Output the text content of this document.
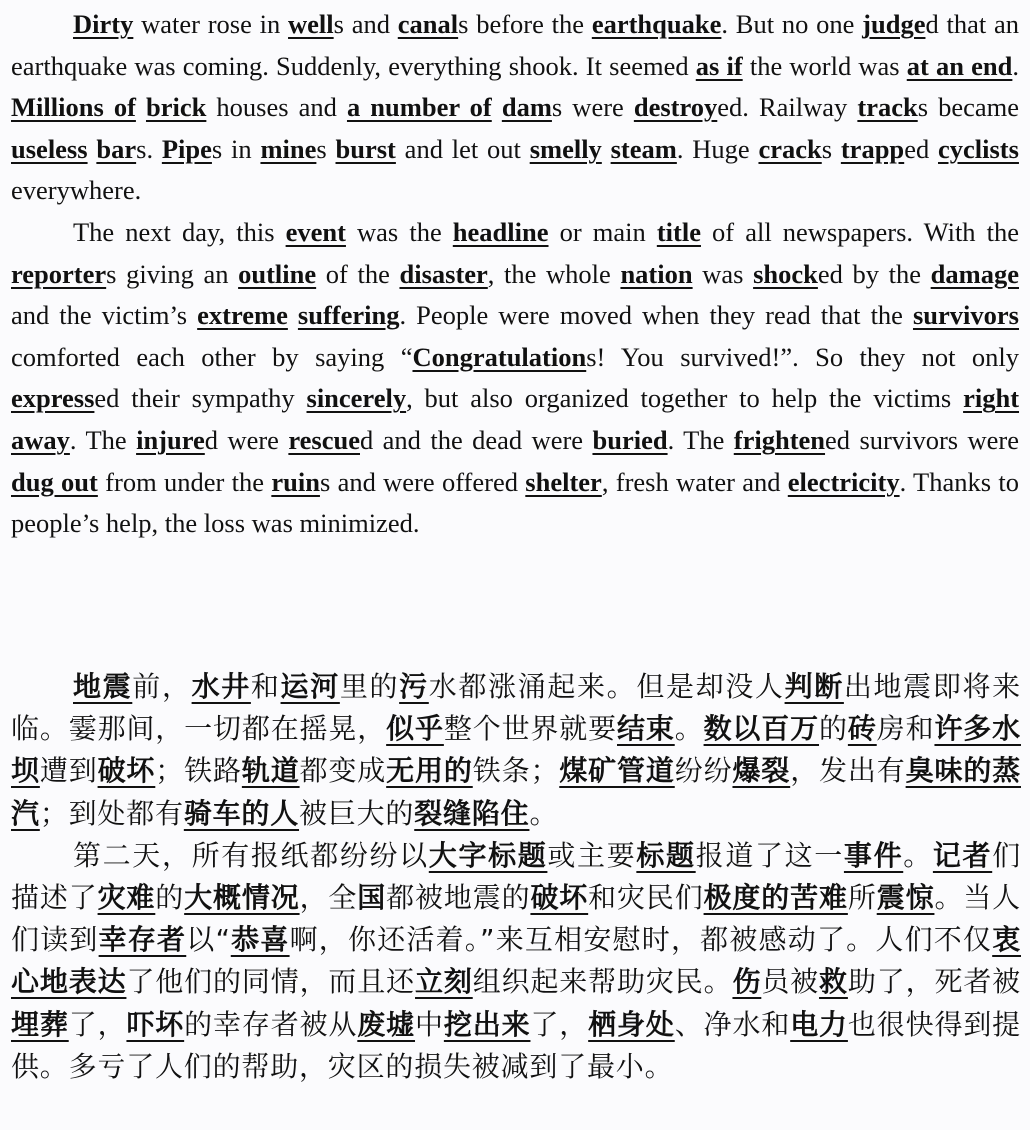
Dirty water rose in wells and canals before the earthquake. But no one judged that an earthquake was coming. Suddenly, everything shook. It seemed as if the world was at an end. Millions of brick houses and a number of dams were destroyed. Railway tracks became useless bars. Pipes in mines burst and let out smelly steam. Huge cracks trapped cyclists everywhere.

The next day, this event was the headline or main title of all newspapers. With the reporters giving an outline of the disaster, the whole nation was shocked by the damage and the victim’s extreme suffering. People were moved when they read that the survivors comforted each other by saying “Congratulations! You survived!”. So they not only expressed their sympathy sincerely, but also organized together to help the victims right away. The injured were rescued and the dead were buried. The frightened survivors were dug out from under the ruins and were offered shelter, fresh water and electricity. Thanks to people’s help, the loss was minimized.

地震前，水井和运河里的污水都涨涌起来。但是却没人判断出地震即将来临。霎那间，一切都在摇晃，似乎整个世界就要结束。数以百万的砖房和许多水坝遭到破坏；铁路轨道都变成无用的铁条；煤矿管道纷纷爆裂，发出有臭味的蒸汽；到处都有骑车的人被巨大的裂缝陷住。

第二天，所有报纸都纷纷以大字标题或主要标题报道了这一事件。记者们描述了灾难的大概情况，全国都被地震的破坏和灾民们极度的苦难所震惊。当人们读到幸存者以“恭喜啊，你还活着。”来互相安慰时，都被感动了。人们不仅衷心地表达了他们的同情，而且还立刻组织起来帮助灾民。伤员被救助了，死者被埋葬了，吓坏的幸存者被从废墟中挖出来了，栖身处、净水和电力也很快得到提供。多亏了人们的帮助，灾区的损失被减到了最小。
